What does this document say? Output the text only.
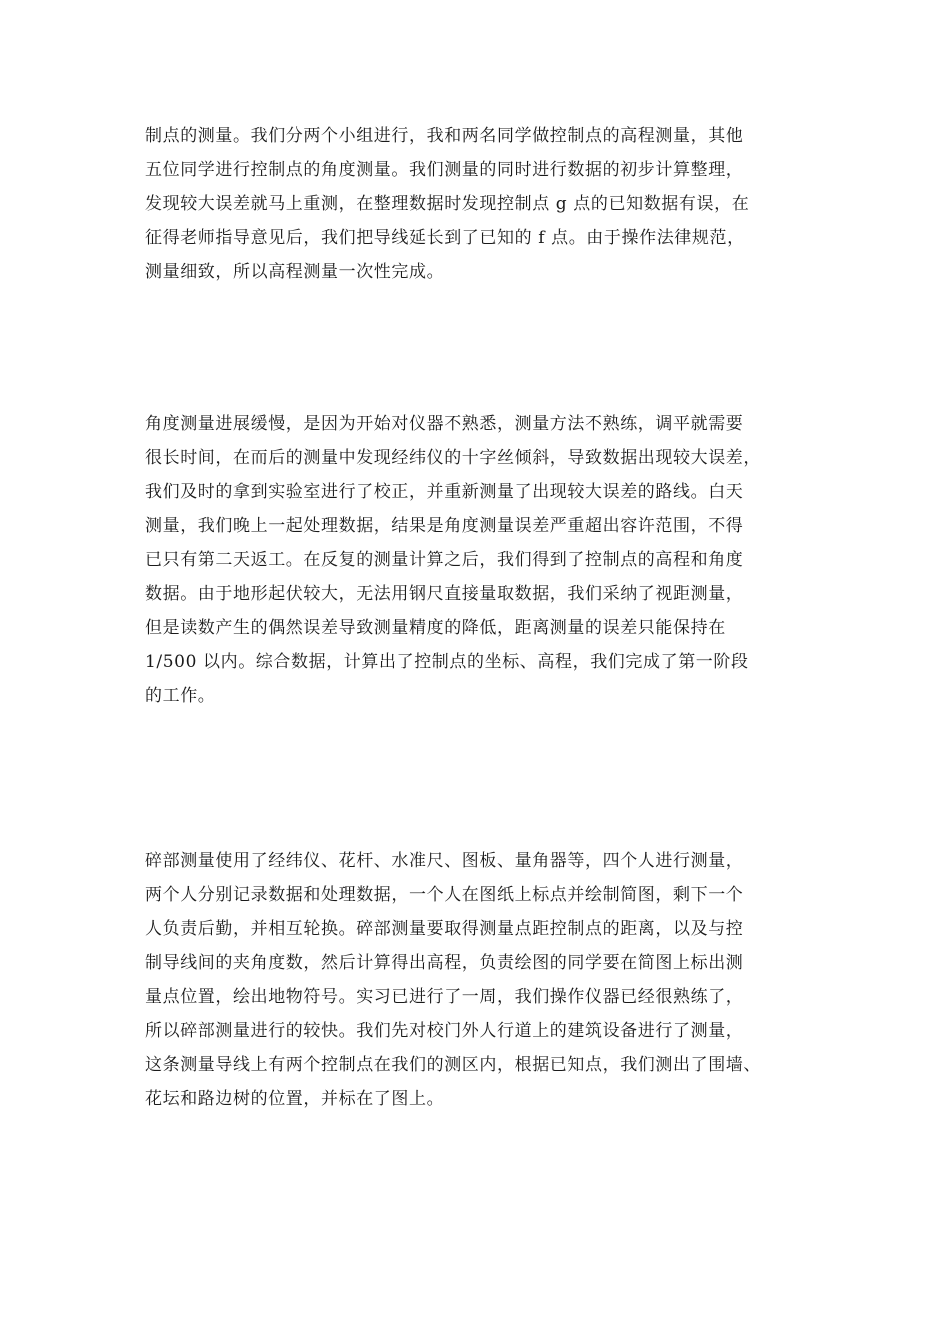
制点的测量。我们分两个小组进行，我和两名同学做控制点的高程测量，其他
五位同学进行控制点的角度测量。我们测量的同时进行数据的初步计算整理，
发现较大误差就马上重测，在整理数据时发现控制点 g 点的已知数据有误，在
征得老师指导意见后，我们把导线延长到了已知的 f 点。由于操作法律规范，
测量细致，所以高程测量一次性完成。
角度测量进展缓慢，是因为开始对仪器不熟悉，测量方法不熟练，调平就需要
很长时间，在而后的测量中发现经纬仪的十字丝倾斜，导致数据出现较大误差，
我们及时的拿到实验室进行了校正，并重新测量了出现较大误差的路线。白天
测量，我们晚上一起处理数据，结果是角度测量误差严重超出容许范围，不得
已只有第二天返工。在反复的测量计算之后，我们得到了控制点的高程和角度
数据。由于地形起伏较大，无法用钢尺直接量取数据，我们采纳了视距测量，
但是读数产生的偶然误差导致测量精度的降低，距离测量的误差只能保持在
1/500 以内。综合数据，计算出了控制点的坐标、高程，我们完成了第一阶段
的工作。
碎部测量使用了经纬仪、花杆、水准尺、图板、量角器等，四个人进行测量，
两个人分别记录数据和处理数据，一个人在图纸上标点并绘制简图，剩下一个
人负责后勤，并相互轮换。碎部测量要取得测量点距控制点的距离，以及与控
制导线间的夹角度数，然后计算得出高程，负责绘图的同学要在简图上标出测
量点位置，绘出地物符号。实习已进行了一周，我们操作仪器已经很熟练了，
所以碎部测量进行的较快。我们先对校门外人行道上的建筑设备进行了测量，
这条测量导线上有两个控制点在我们的测区内，根据已知点，我们测出了围墙、
花坛和路边树的位置，并标在了图上。
